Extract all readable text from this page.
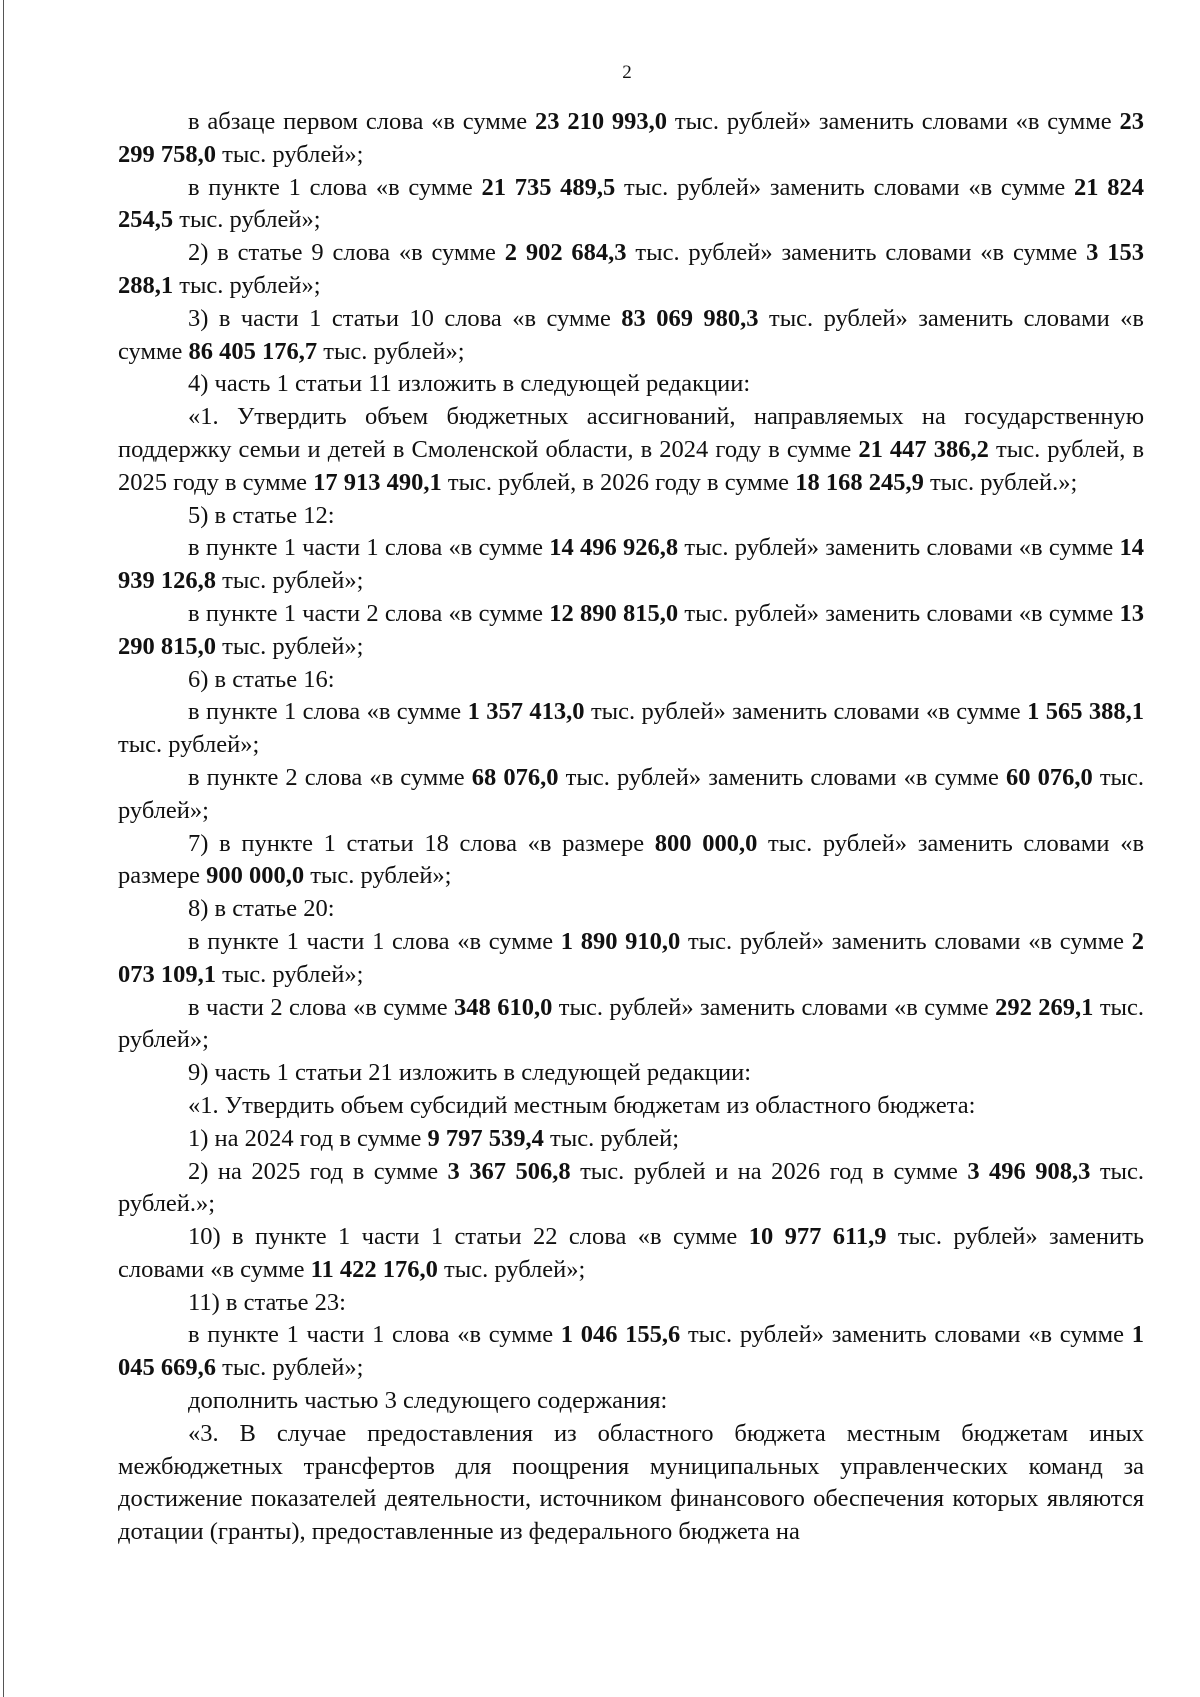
2

в абзаце первом слова «в сумме 23 210 993,0 тыс. рублей» заменить словами «в сумме 23 299 758,0 тыс. рублей»;

в пункте 1 слова «в сумме 21 735 489,5 тыс. рублей» заменить словами «в сумме 21 824 254,5 тыс. рублей»;

2) в статье 9 слова «в сумме 2 902 684,3 тыс. рублей» заменить словами «в сумме 3 153 288,1 тыс. рублей»;

3) в части 1 статьи 10 слова «в сумме 83 069 980,3 тыс. рублей» заменить словами «в сумме 86 405 176,7 тыс. рублей»;

4) часть 1 статьи 11 изложить в следующей редакции:

«1. Утвердить объем бюджетных ассигнований, направляемых на государственную поддержку семьи и детей в Смоленской области, в 2024 году в сумме 21 447 386,2 тыс. рублей, в 2025 году в сумме 17 913 490,1 тыс. рублей, в 2026 году в сумме 18 168 245,9 тыс. рублей.»;

5) в статье 12:

в пункте 1 части 1 слова «в сумме 14 496 926,8 тыс. рублей» заменить словами «в сумме 14 939 126,8 тыс. рублей»;

в пункте 1 части 2 слова «в сумме 12 890 815,0 тыс. рублей» заменить словами «в сумме 13 290 815,0 тыс. рублей»;

6) в статье 16:

в пункте 1 слова «в сумме 1 357 413,0 тыс. рублей» заменить словами «в сумме 1 565 388,1 тыс. рублей»;

в пункте 2 слова «в сумме 68 076,0 тыс. рублей» заменить словами «в сумме 60 076,0 тыс. рублей»;

7) в пункте 1 статьи 18 слова «в размере 800 000,0 тыс. рублей» заменить словами «в размере 900 000,0 тыс. рублей»;

8) в статье 20:

в пункте 1 части 1 слова «в сумме 1 890 910,0 тыс. рублей» заменить словами «в сумме 2 073 109,1 тыс. рублей»;

в части 2 слова «в сумме 348 610,0 тыс. рублей» заменить словами «в сумме 292 269,1 тыс. рублей»;

9) часть 1 статьи 21 изложить в следующей редакции:

«1. Утвердить объем субсидий местным бюджетам из областного бюджета:

1) на 2024 год в сумме 9 797 539,4 тыс. рублей;

2) на 2025 год в сумме 3 367 506,8 тыс. рублей и на 2026 год в сумме 3 496 908,3 тыс. рублей.»;

10) в пункте 1 части 1 статьи 22 слова «в сумме 10 977 611,9 тыс. рублей» заменить словами «в сумме 11 422 176,0 тыс. рублей»;

11) в статье 23:

в пункте 1 части 1 слова «в сумме 1 046 155,6 тыс. рублей» заменить словами «в сумме 1 045 669,6 тыс. рублей»;

дополнить частью 3 следующего содержания:

«3. В случае предоставления из областного бюджета местным бюджетам иных межбюджетных трансфертов для поощрения муниципальных управленческих команд за достижение показателей деятельности, источником финансового обеспечения которых являются дотации (гранты), предоставленные из федерального бюджета на
